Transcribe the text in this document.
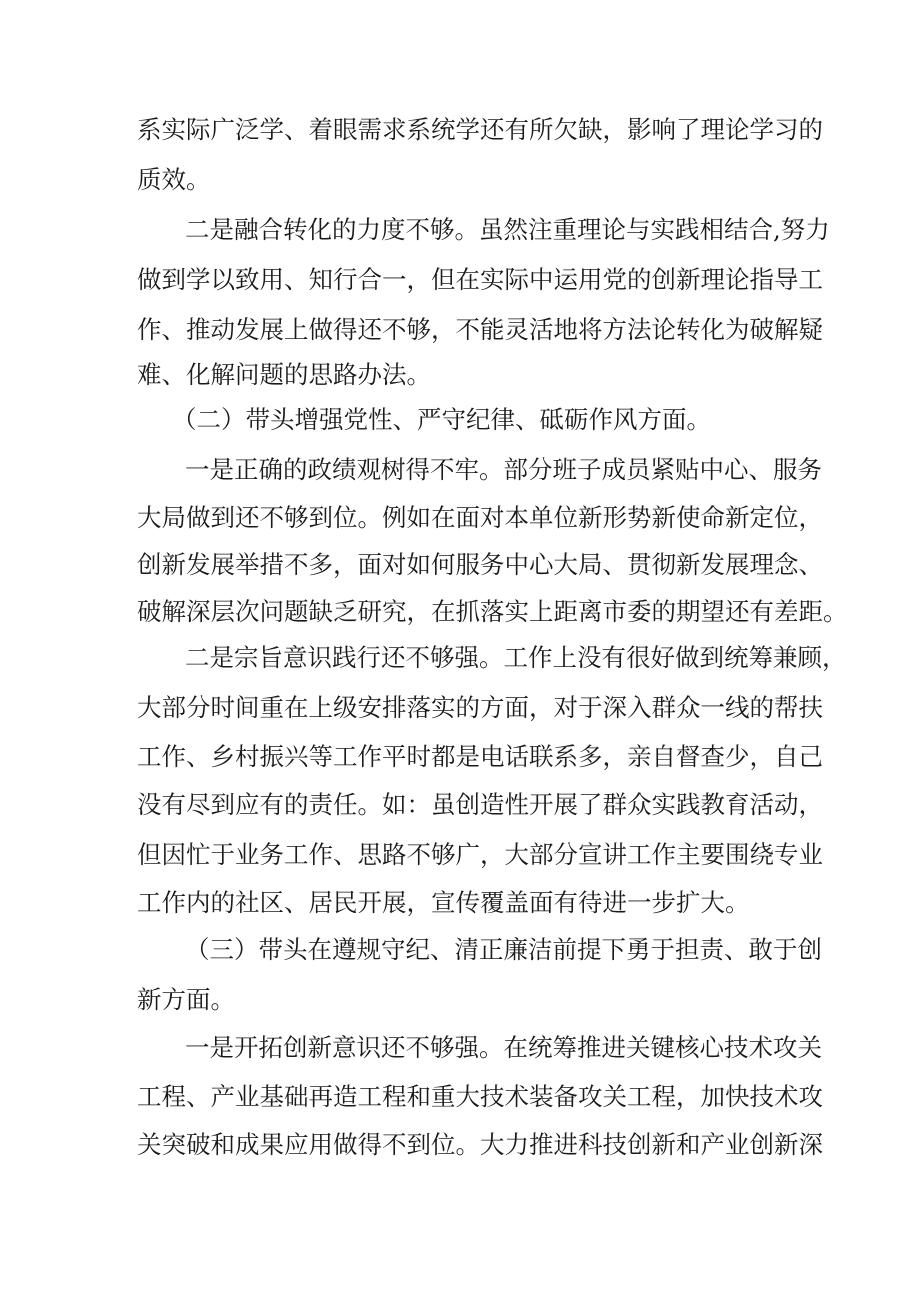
系实际广泛学、着眼需求系统学还有所欠缺，影响了理论学习的
质效。
二是融合转化的力度不够。虽然注重理论与实践相结合,努力
做到学以致用、知行合一，但在实际中运用党的创新理论指导工
作、推动发展上做得还不够，不能灵活地将方法论转化为破解疑
难、化解问题的思路办法。
（二）带头增强党性、严守纪律、砥砺作风方面。
一是正确的政绩观树得不牢。部分班子成员紧贴中心、服务
大局做到还不够到位。例如在面对本单位新形势新使命新定位，
创新发展举措不多，面对如何服务中心大局、贯彻新发展理念、
破解深层次问题缺乏研究，在抓落实上距离市委的期望还有差距。
二是宗旨意识践行还不够强。工作上没有很好做到统筹兼顾，
大部分时间重在上级安排落实的方面，对于深入群众一线的帮扶
工作、乡村振兴等工作平时都是电话联系多，亲自督查少，自己
没有尽到应有的责任。如：虽创造性开展了群众实践教育活动，
但因忙于业务工作、思路不够广，大部分宣讲工作主要围绕专业
工作内的社区、居民开展，宣传覆盖面有待进一步扩大。
（三）带头在遵规守纪、清正廉洁前提下勇于担责、敢于创
新方面。
一是开拓创新意识还不够强。在统筹推进关键核心技术攻关
工程、产业基础再造工程和重大技术装备攻关工程，加快技术攻
关突破和成果应用做得不到位。大力推进科技创新和产业创新深
